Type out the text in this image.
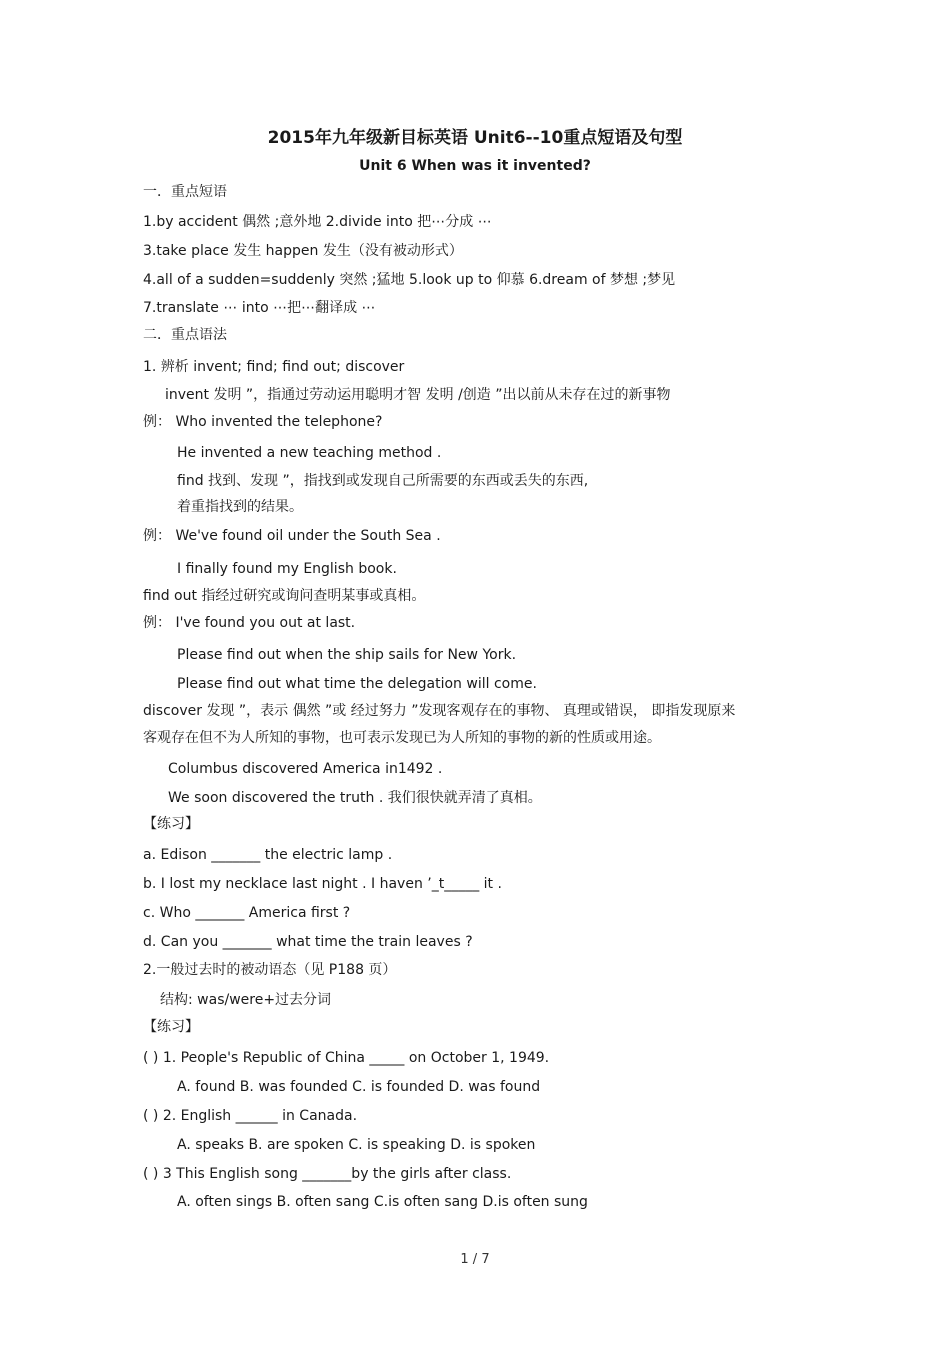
2015年九年级新目标英语 Unit6--10重点短语及句型
Unit 6 When was it invented?
一．重点短语
1.by accident 偶然 ;意外地 2.divide into 把⋯分成 ⋯
3.take place 发生 happen 发生（没有被动形式）
4.all of a sudden=suddenly 突然 ;猛地 5.look up to 仰慕 6.dream of 梦想 ;梦见
7.translate ⋯ into ⋯把⋯翻译成 ⋯
二．重点语法
1. 辨析 invent; find; find out; discover
invent 发明 ”，指通过劳动运用聪明才智 发明 /创造 ”出以前从未存在过的新事物
例： Who invented the telephone?
He invented a new teaching method .
find 找到、发现 ”，指找到或发现自己所需要的东西或丢失的东西,
着重指找到的结果。
例： We've found oil under the South Sea .
I finally found my English book.
find out 指经过研究或询问查明某事或真相。
例： I've found you out at last.
Please find out when the ship sails for New York.
Please find out what time the delegation will come.
discover 发现 ”，表示 偶然 ”或 经过努力 ”发现客观存在的事物、 真理或错误， 即指发现原来
客观存在但不为人所知的事物，也可表示发现已为人所知的事物的新的性质或用途。
Columbus discovered America in1492 .
We soon discovered the truth . 我们很快就弄清了真相。
【练习】
a. Edison _______ the electric lamp .
b. I lost my necklace last night . I haven ’_t_____ it .
c. Who _______ America first ?
d. Can you _______ what time the train leaves ?
2.一般过去时的被动语态（见 P188 页）
结构: was/were+过去分词
【练习】
( ) 1. People's Republic of China _____ on October 1, 1949.
A. found B. was founded C. is founded D. was found
( ) 2. English ______ in Canada.
A. speaks B. are spoken C. is speaking D. is spoken
( ) 3 This English song _______by the girls after class.
A. often sings B. often sang C.is often sang D.is often sung
1 / 7
